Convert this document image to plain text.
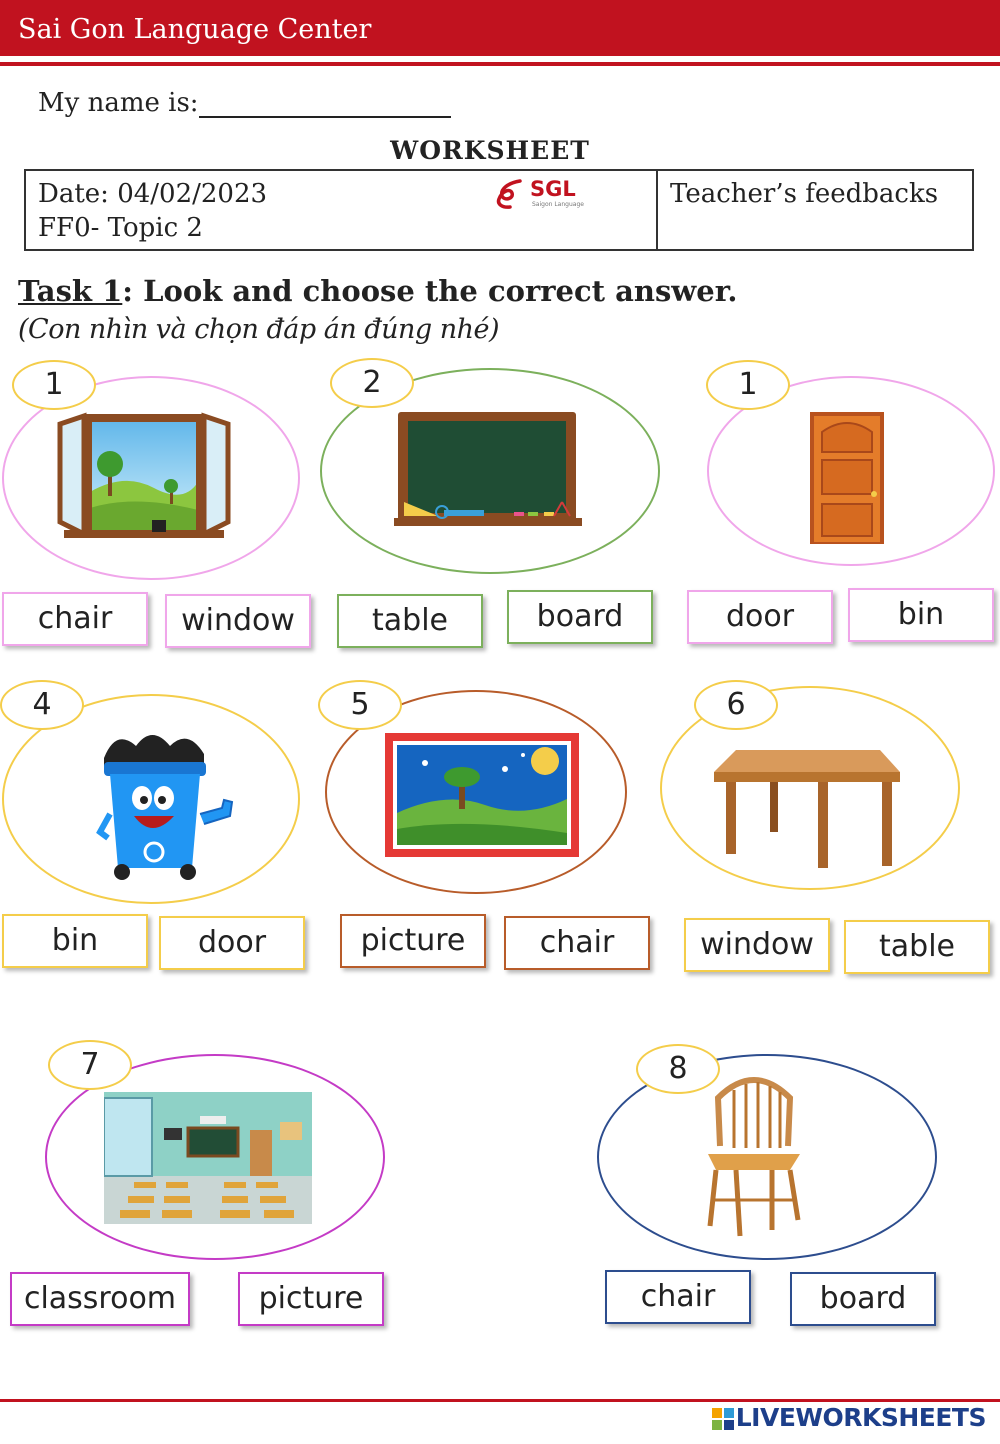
Sai Gon Language Center
My name is:
WORKSHEET
Date: 04/02/2023
FF0- Topic 2
SGL
Saigon Language	Teacher’s feedbacks
Task 1: Look and choose the correct answer.
(Con nhìn và chọn đáp án đúng nhé)
1
chair	window
2
table	board
1
door	bin
4
bin	door
5
picture	chair
6
window	table
7
classroom	picture
8
chair	board
LIVEWORKSHEETS
